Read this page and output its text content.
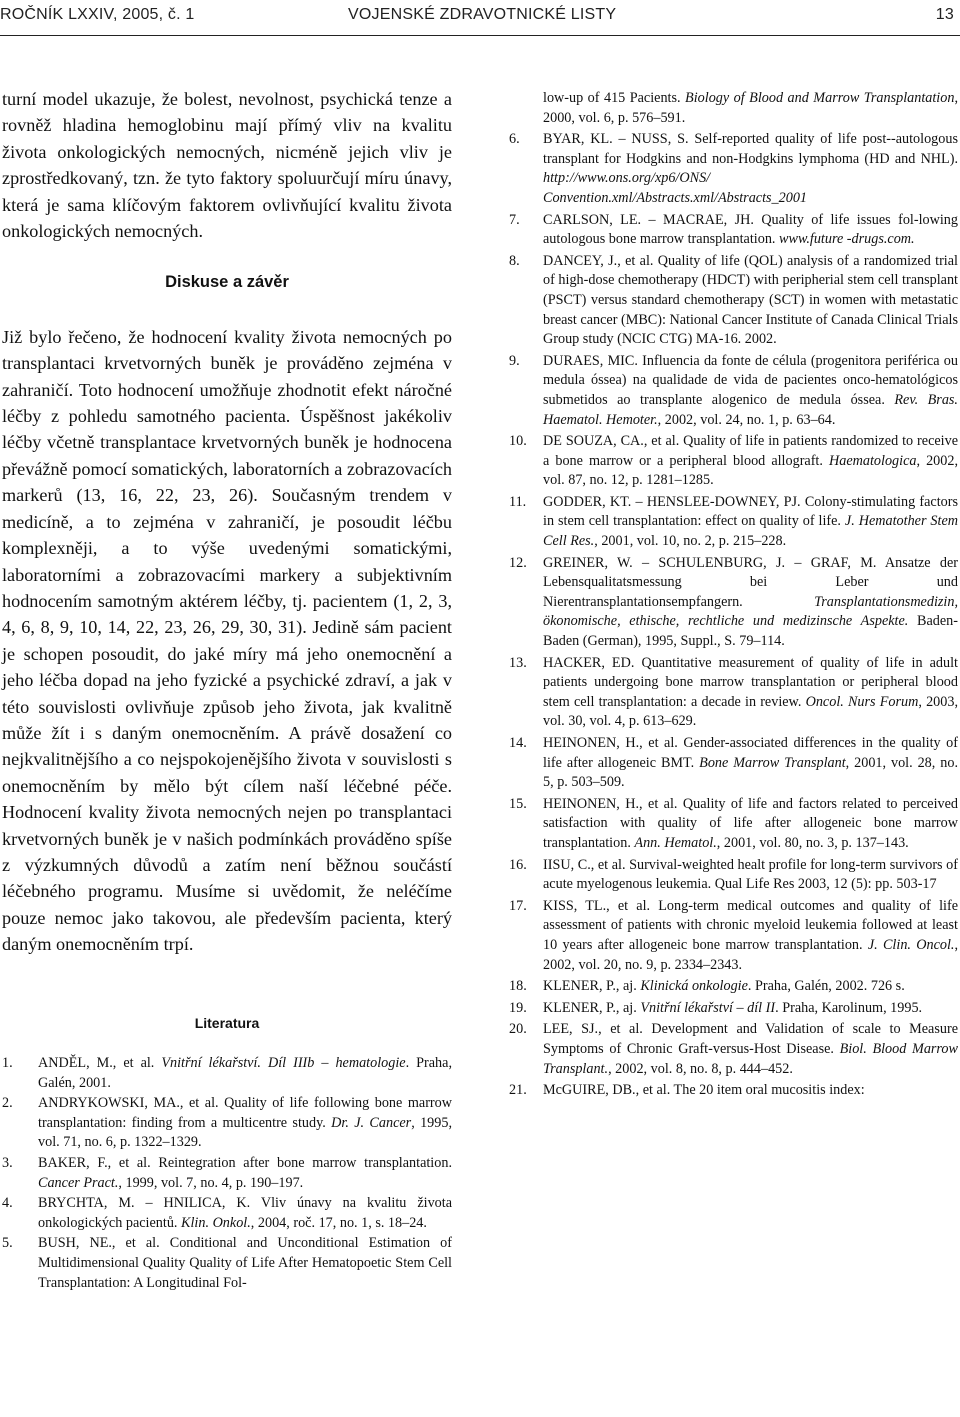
ROČNÍK LXXIV, 2005, č. 1	VOJENSKÉ ZDRAVOTNICKÉ LISTY	13

turní model ukazuje, že bolest, nevolnost, psychická tenze a rovněž hladina hemoglobinu mají přímý vliv na kvalitu života onkologických nemocných, nicméně jejich vliv je zprostředkovaný, tzn. že tyto faktory spoluurčují míru únavy, která je sama klíčovým faktorem ovlivňující kvalitu života onkologických nemocných.

Diskuse a závěr

Již bylo řečeno, že hodnocení kvality života nemocných po transplantaci krvetvorných buněk je prováděno zejména v zahraničí. Toto hodnocení umožňuje zhodnotit efekt náročné léčby z pohledu samotného pacienta. Úspěšnost jakékoliv léčby včetně transplantace krvetvorných buněk je hodnocena převážně pomocí somatických, laboratorních a zobrazovacích markerů (13, 16, 22, 23, 26). Současným trendem v medicíně, a to zejména v zahraničí, je posoudit léčbu komplexněji, a to výše uvedenými somatickými, laboratorními a zobrazovacími markery a subjektivním hodnocením samotným aktérem léčby, tj. pacientem (1, 2, 3, 4, 6, 8, 9, 10, 14, 22, 23, 26, 29, 30, 31). Jedině sám pacient je schopen posoudit, do jaké míry má jeho onemocnění a jeho léčba dopad na jeho fyzické a psychické zdraví, a jak v této souvislosti ovlivňuje způsob jeho života, jak kvalitně může žít i s daným onemocněním. A právě dosažení co nejkvalitnějšího a co nejspokojenějšího života v souvislosti s onemocněním by mělo být cílem naší léčebné péče. Hodnocení kvality života nemocných nejen po transplantaci krvetvorných buněk je v našich podmínkách prováděno spíše z výzkumných důvodů a zatím není běžnou součástí léčebného programu. Musíme si uvědomit, že neléčíme pouze nemoc jako takovou, ale především pacienta, který daným onemocněním trpí.

Literatura
1. ANDĚL, M., et al. Vnitřní lékařství. Díl IIIb – hematologie. Praha, Galén, 2001.
2. ANDRYKOWSKI, MA., et al. Quality of life following bone marrow transplantation: finding from a multicentre study. Dr. J. Cancer, 1995, vol. 71, no. 6, p. 1322–1329.
3. BAKER, F., et al. Reintegration after bone marrow transplantation. Cancer Pract., 1999, vol. 7, no. 4, p. 190–197.
4. BRYCHTA, M. – HNILICA, K. Vliv únavy na kvalitu života onkologických pacientů. Klin. Onkol., 2004, roč. 17, no. 1, s. 18–24.
5. BUSH, NE., et al. Conditional and Unconditional Estimation of Multidimensional Quality Quality of Life After Hematopoetic Stem Cell Transplantation: A Longitudinal Fol-
low-up of 415 Pacients. Biology of Blood and Marrow Transplantation, 2000, vol. 6, p. 576–591.
6. BYAR, KL. – NUSS, S. Self-reported quality of life post--autologous transplant for Hodgkins and non-Hodgkins lymphoma (HD and NHL). http://www.ons.org/xp6/ONS/ Convention.xml/Abstracts.xml/Abstracts_2001
7. CARLSON, LE. – MACRAE, JH. Quality of life issues fol-lowing autologous bone marrow transplantation. www.future -drugs.com.
8. DANCEY, J., et al. Quality of life (QOL) analysis of a randomized trial of high-dose chemotherapy (HDCT) with peripherial stem cell transplant (PSCT) versus standard chemotherapy (SCT) in women with metastatic breast cancer (MBC): National Cancer Institute of Canada Clinical Trials Group study (NCIC CTG) MA-16. 2002.
9. DURAES, MIC. Influencia da fonte de célula (progenitora periférica ou medula óssea) na qualidade de vida de pacientes onco-hematológicos submetidos ao transplante alogenico de medula óssea. Rev. Bras. Haematol. Hemoter., 2002, vol. 24, no. 1, p. 63–64.
10. DE SOUZA, CA., et al. Quality of life in patients randomized to receive a bone marrow or a peripheral blood allograft. Haematologica, 2002, vol. 87, no. 12, p. 1281–1285.
11. GODDER, KT. – HENSLEE-DOWNEY, PJ. Colony-stimulating factors in stem cell transplantation: effect on quality of life. J. Hematother Stem Cell Res., 2001, vol. 10, no. 2, p. 215–228.
12. GREINER, W. – SCHULENBURG, J. – GRAF, M. Ansatze der Lebensqualitatsmessung bei Leber und Nierentransplantationsempfangern. Transplantationsmedizin, ökonomische, ethische, rechtliche und medizinsche Aspekte. Baden-Baden (German), 1995, Suppl., S. 79–114.
13. HACKER, ED. Quantitative measurement of quality of life in adult patients undergoing bone marrow transplantation or peripheral blood stem cell transplantation: a decade in review. Oncol. Nurs Forum, 2003, vol. 30, vol. 4, p. 613–629.
14. HEINONEN, H., et al. Gender-associated differences in the quality of life after allogeneic BMT. Bone Marrow Transplant, 2001, vol. 28, no. 5, p. 503–509.
15. HEINONEN, H., et al. Quality of life and factors related to perceived satisfaction with quality of life after allogeneic bone marrow transplantation. Ann. Hematol., 2001, vol. 80, no. 3, p. 137–143.
16. IISU, C., et al. Survival-weighted healt profile for long-term survivors of acute myelogenous leukemia. Qual Life Res 2003, 12 (5): pp. 503-17
17. KISS, TL., et al. Long-term medical outcomes and quality of life assessment of patients with chronic myeloid leukemia followed at least 10 years after allogeneic bone marrow transplantation. J. Clin. Oncol., 2002, vol. 20, no. 9, p. 2334–2343.
18. KLENER, P., aj. Klinická onkologie. Praha, Galén, 2002. 726 s.
19. KLENER, P., aj. Vnitřní lékařství – díl II. Praha, Karolinum, 1995.
20. LEE, SJ., et al. Development and Validation of scale to Measure Symptoms of Chronic Graft-versus-Host Disease. Biol. Blood Marrow Transplant., 2002, vol. 8, no. 8, p. 444–452.
21. McGUIRE, DB., et al. The 20 item oral mucositis index:
